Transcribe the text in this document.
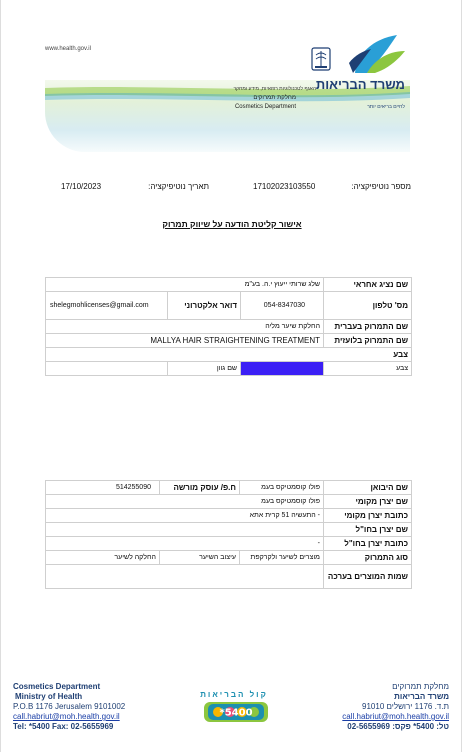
www.health.gov.il
משרד הבריאות
לחיים בריאים יותר
האגף לטכנולוגיות רפואיות, מידע ומחקר
מחלקת תמרוקים
Cosmetics Department
מספר נוטיפיקציה:
17102023103550
תאריך נוטיפיקציה:
17/10/2023
אישור קליטת הודעה על שיווק תמרוק
שם נציג אחראי	שלג שרותי ייעוץ י.ה. בע"מ		
מס' טלפון	054-8347030	דואר אלקטרוני	shelegmohlicenses@gmail.com
שם התמרוק בעברית	החלקת שיער מליה		
שם התמרוק בלועזית	MALLYA HAIR STRAIGHTENING TREATMENT		
צבע			
צבע		שם גוון	
שם היבואן	פולו קוסמטיקס בעמ	ח.פ/ עוסק מורשה	514255090
שם יצרן מקומי	פולו קוסמטיקס בעמ		
כתובת יצרן מקומי	- התעשיה 51 קרית אתא		
שם יצרן בחו"ל			
כתובת יצרן בחו"ל	-		
סוג התמרוק	מוצרים לשיער ולקרקפת	עיצוב השיער	החלקה לשיער
שמות המוצרים בערכה			
Cosmetics Department
Ministry of Health
P.O.B 1176 Jerusalem 9101002
call.habriut@moh.health.gov.il
Tel: *5400 Fax: 02-5655969
קול הבריאות
*5400
מחלקת תמרוקים
משרד הבריאות
ת.ד. 1176 ירושלים 91010
call.habriut@moh.health.gov.il
טל: 5400* פקס: 02-5655969
